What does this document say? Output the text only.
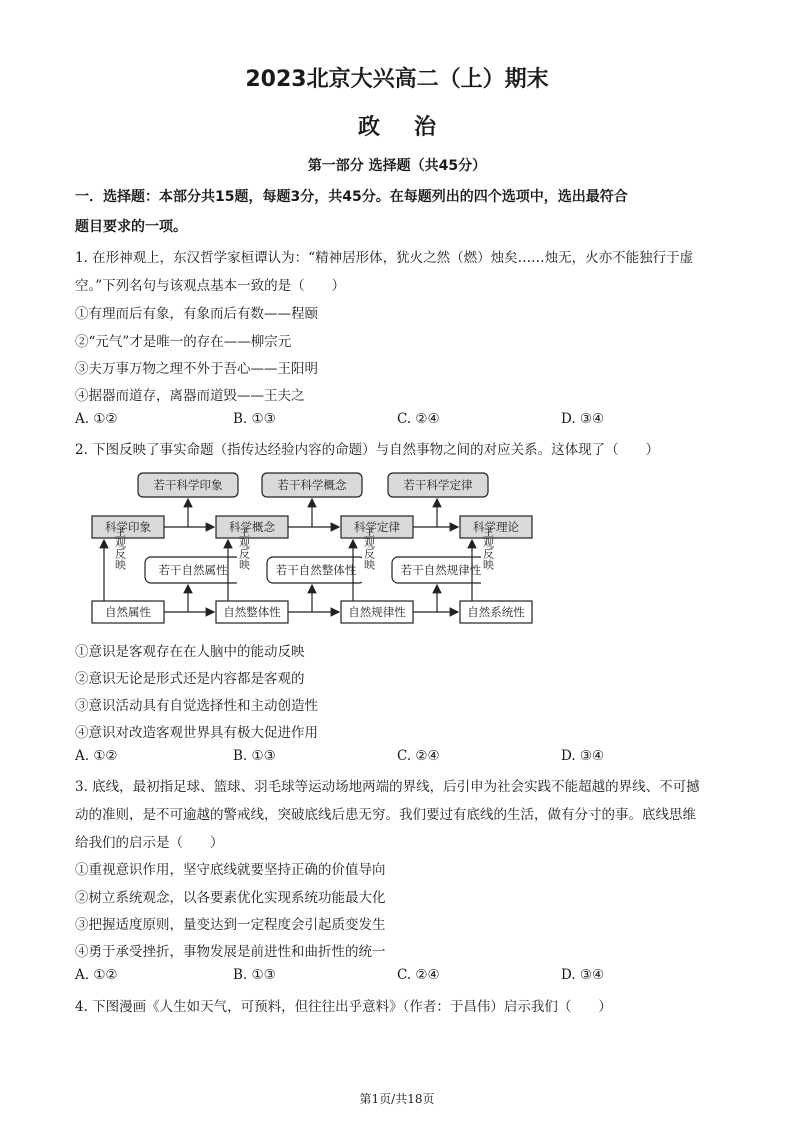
2023北京大兴高二（上）期末
政治
第一部分 选择题（共45分）
一．选择题：本部分共15题，每题3分，共45分。在每题列出的四个选项中，选出最符合
题目要求的一项。
1. 在形神观上，东汉哲学家桓谭认为：“精神居形体，犹火之然（燃）烛矣……烛无，火亦不能独行于虚
空。”下列名句与该观点基本一致的是（　　）
①有理而后有象，有象而后有数——程颐
②“元气”才是唯一的存在——柳宗元
③夫万事万物之理不外于吾心——王阳明
④据器而道存，离器而道毁——王夫之
A. ①②	B. ①③	C. ②④	D. ③④
2. 下图反映了事实命题（指传达经验内容的命题）与自然事物之间的对应关系。这体现了（　　）
若干科学印象	若干科学概念	若干科学定律
科学印象	科学概念	科学定律	科学理论
若干自然属性	若干自然整体性	若干自然规律性
自然属性	自然整体性	自然规律性	自然系统性
主观反映	主观反映	主观反映	主观反映
①意识是客观存在在人脑中的能动反映
②意识无论是形式还是内容都是客观的
③意识活动具有自觉选择性和主动创造性
④意识对改造客观世界具有极大促进作用
A. ①②	B. ①③	C. ②④	D. ③④
3. 底线，最初指足球、篮球、羽毛球等运动场地两端的界线，后引申为社会实践不能超越的界线、不可撼
动的准则，是不可逾越的警戒线，突破底线后患无穷。我们要过有底线的生活，做有分寸的事。底线思维
给我们的启示是（　　）
①重视意识作用，坚守底线就要坚持正确的价值导向
②树立系统观念，以各要素优化实现系统功能最大化
③把握适度原则，量变达到一定程度会引起质变发生
④勇于承受挫折，事物发展是前进性和曲折性的统一
A. ①②	B. ①③	C. ②④	D. ③④
4. 下图漫画《人生如天气，可预料，但往往出乎意料》（作者：于昌伟）启示我们（　　）
第1页/共18页
